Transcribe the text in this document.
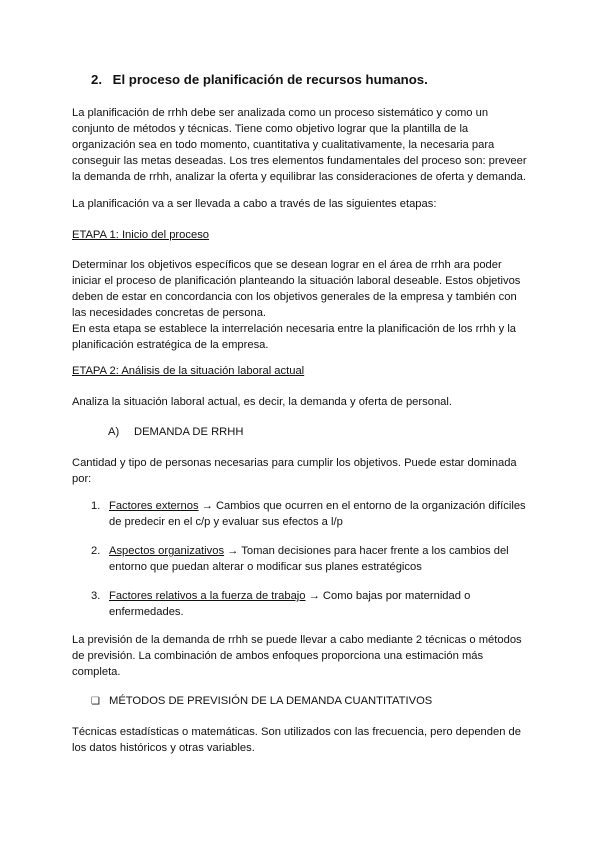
2. El proceso de planificación de recursos humanos.

La planificación de rrhh debe ser analizada como un proceso sistemático y como un

conjunto de métodos y técnicas. Tiene como objetivo lograr que la plantilla de la

organización sea en todo momento, cuantitativa y cualitativamente, la necesaria para

conseguir las metas deseadas. Los tres elementos fundamentales del proceso son: preveer

la demanda de rrhh, analizar la oferta y equilibrar las consideraciones de oferta y demanda.

La planificación va a ser llevada a cabo a través de las siguientes etapas:

ETAPA 1: Inicio del proceso

Determinar los objetivos específicos que se desean lograr en el área de rrhh ara poder

iniciar el proceso de planificación planteando la situación laboral deseable. Estos objetivos

deben de estar en concordancia con los objetivos generales de la empresa y también con

las necesidades concretas de persona.

En esta etapa se establece la interrelación necesaria entre la planificación de los rrhh y la

planificación estratégica de la empresa.

ETAPA 2: Análisis de la situación laboral actual

Analiza la situación laboral actual, es decir, la demanda y oferta de personal.

A) DEMANDA DE RRHH

Cantidad y tipo de personas necesarias para cumplir los objetivos. Puede estar dominada

por:

1. Factores externos → Cambios que ocurren en el entorno de la organización difíciles
de predecir en el c/p y evaluar sus efectos a l/p
2. Aspectos organizativos → Toman decisiones para hacer frente a los cambios del
entorno que puedan alterar o modificar sus planes estratégicos
3. Factores relativos a la fuerza de trabajo → Como bajas por maternidad o
enfermedades.

La previsión de la demanda de rrhh se puede llevar a cabo mediante 2 técnicas o métodos

de previsión. La combinación de ambos enfoques proporciona una estimación más

completa.

❏ MÉTODOS DE PREVISIÓN DE LA DEMANDA CUANTITATIVOS

Técnicas estadísticas o matemáticas. Son utilizados con las frecuencia, pero dependen de

los datos históricos y otras variables.
